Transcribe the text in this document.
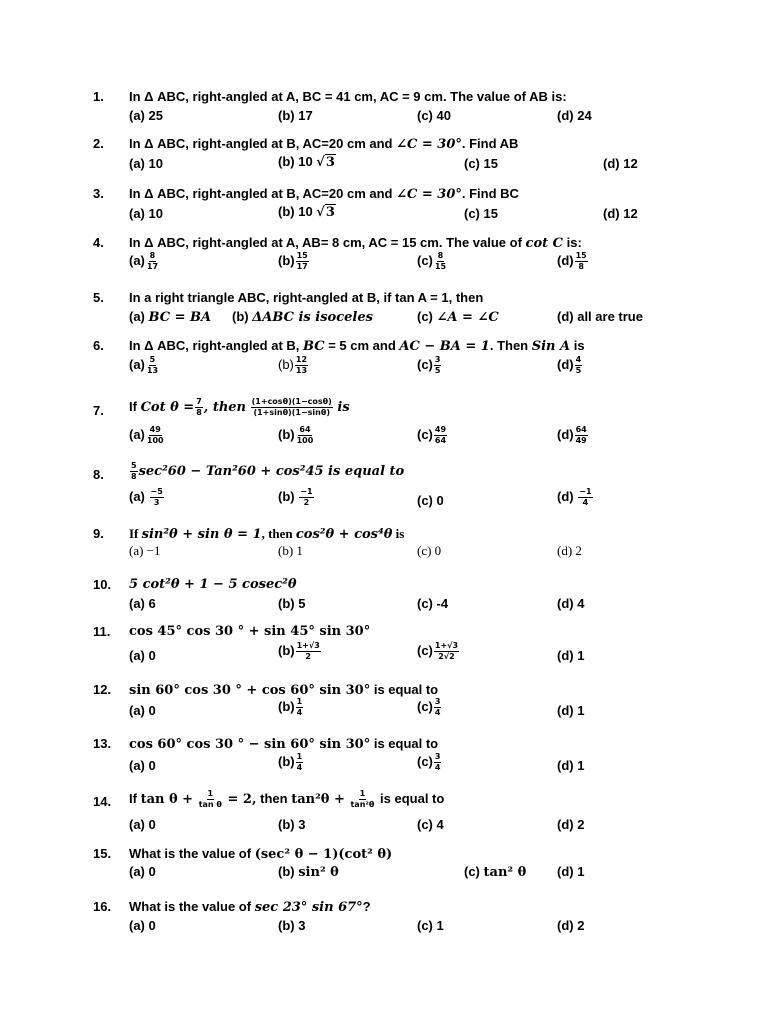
1. In Δ ABC, right-angled at A, BC = 41 cm, AC = 9 cm. The value of AB is:
(a) 25	(b) 17	(c) 40	(d) 24
2. In Δ ABC, right-angled at B, AC=20 cm and ∠C = 30°. Find AB
(a) 10	(b) 10 √3	(c) 15	(d) 12
3. In Δ ABC, right-angled at B, AC=20 cm and ∠C = 30°. Find BC
(a) 10	(b) 10 √3	(c) 15	(d) 12
4. In Δ ABC, right-angled at A, AB= 8 cm, AC = 15 cm. The value of cot C is:
$(a) \frac{8}{17}$	$(b) \frac{15}{17}$	$(c) \frac{8}{15}$	$(d) \frac{15}{8}$
5. In a right triangle ABC, right-angled at B, if tan A = 1, then
(a) BC = BA (b) ΔABC is isoceles	(c) ∠A = ∠C	(d) all are true
6. In Δ ABC, right-angled at B, BC = 5 cm and AC − BA = 1. Then Sin A is
$(a) \frac{5}{13}$	$(b) \frac{12}{13}$	$(c) \frac{3}{5}$	$(d) \frac{4}{5}$
7. If Cot $\theta = \frac{7}{8}$ , then $\frac{(1+\cos\theta)(1-\cos\theta)}{(1+\sin\theta)(1-\sin\theta)}$ is
$(a) \frac{49}{100}$	$(b) \frac{64}{100}$	$(c) \frac{49}{64}$	$(d) \frac{64}{49}$
8.	$\frac{5}{8} \sec^260 - Tan^260 + \cos^245$ is equal to
$(a) \frac{-5}{3}$	$(b) \frac{-1}{2}$	(c) 0	$(d) \frac{-1}{4}$
9. If sin²θ + sin θ = 1, then cos²θ + cos⁴θ is
(a) −1	(b) 1	(c) 0	(d) 2
10. 5 cot²θ + 1 − 5 cosec²θ
(a) 6	(b) 5	(c) -4	(d) 4
11. cos 45° cos 30 ° + sin 45° sin 30°
(a) 0	$(b) \frac{1+√3}{2}$	$(c) \frac{1+√3}{2√2}$	(d) 1
12. sin 60° cos 30 ° + cos 60° sin 30° is equal to
(a) 0	$(b) \frac{1}{4}$	$(c) \frac{3}{4}$	(d) 1
13. cos 60° cos 30 ° − sin 60° sin 30° is equal to
(a) 0	$(b) \frac{1}{4}$	$(c) \frac{3}{4}$	(d) 1
14. If $\tan \theta + \frac{1}{\text{tan θ}} = 2$, then $\tan^2\theta + \frac{1}{\text{tan²θ}}$ is equal to
(a) 0	(b) 3	(c) 4	(d) 2
15. What is the value of (sec² θ − 1)(cot² θ)
(a) 0	(b) sin² θ	(c) tan² θ (d) 1
16. What is the value of sec 23° sin 67°?
(a) 0	(b) 3	(c) 1	(d) 2
